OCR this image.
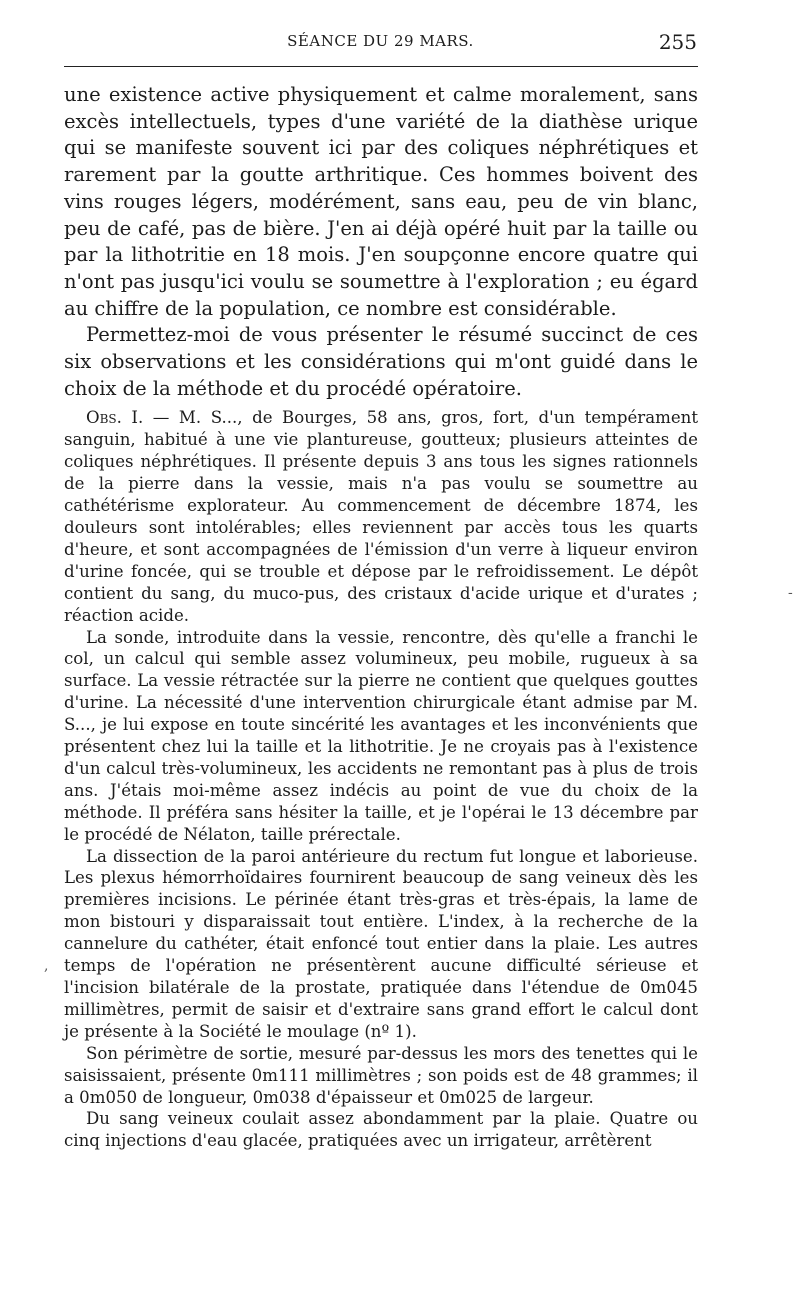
SÉANCE DU 29 MARS.	255

une existence active physiquement et calme moralement, sans excès intellectuels, types d'une variété de la diathèse urique qui se manifeste souvent ici par des coliques néphrétiques et rarement par la goutte arthritique. Ces hommes boivent des vins rouges légers, modérément, sans eau, peu de vin blanc, peu de café, pas de bière. J'en ai déjà opéré huit par la taille ou par la lithotritie en 18 mois. J'en soupçonne encore quatre qui n'ont pas jusqu'ici voulu se soumettre à l'exploration ; eu égard au chiffre de la population, ce nombre est considérable.

Permettez-moi de vous présenter le résumé succinct de ces six observations et les considérations qui m'ont guidé dans le choix de la méthode et du procédé opératoire.

Obs. I. — M. S..., de Bourges, 58 ans, gros, fort, d'un tempérament sanguin, habitué à une vie plantureuse, goutteux; plusieurs atteintes de coliques néphrétiques. Il présente depuis 3 ans tous les signes rationnels de la pierre dans la vessie, mais n'a pas voulu se soumettre au cathétérisme explorateur. Au commencement de décembre 1874, les douleurs sont intolérables; elles reviennent par accès tous les quarts d'heure, et sont accompagnées de l'émission d'un verre à liqueur environ d'urine foncée, qui se trouble et dépose par le refroidissement. Le dépôt contient du sang, du muco-pus, des cristaux d'acide urique et d'urates ; réaction acide.

La sonde, introduite dans la vessie, rencontre, dès qu'elle a franchi le col, un calcul qui semble assez volumineux, peu mobile, rugueux à sa surface. La vessie rétractée sur la pierre ne contient que quelques gouttes d'urine. La nécessité d'une intervention chirurgicale étant admise par M. S..., je lui expose en toute sincérité les avantages et les inconvénients que présentent chez lui la taille et la lithotritie. Je ne croyais pas à l'existence d'un calcul très-volumineux, les accidents ne remontant pas à plus de trois ans. J'étais moi-même assez indécis au point de vue du choix de la méthode. Il préféra sans hésiter la taille, et je l'opérai le 13 décembre par le procédé de Nélaton, taille prérectale.

La dissection de la paroi antérieure du rectum fut longue et laborieuse. Les plexus hémorrhoïdaires fournirent beaucoup de sang veineux dès les premières incisions. Le périnée étant très-gras et très-épais, la lame de mon bistouri y disparaissait tout entière. L'index, à la recherche de la cannelure du cathéter, était enfoncé tout entier dans la plaie. Les autres temps de l'opération ne présentèrent aucune difficulté sérieuse et l'incision bilatérale de la prostate, pratiquée dans l'étendue de 0m045 millimètres, permit de saisir et d'extraire sans grand effort le calcul dont je présente à la Société le moulage (nº 1).

Son périmètre de sortie, mesuré par-dessus les mors des tenettes qui le saisissaient, présente 0m111 millimètres ; son poids est de 48 grammes; il a 0m050 de longueur, 0m038 d'épaisseur et 0m025 de largeur.

Du sang veineux coulait assez abondamment par la plaie. Quatre ou cinq injections d'eau glacée, pratiquées avec un irrigateur, arrêtèrent

-
,
